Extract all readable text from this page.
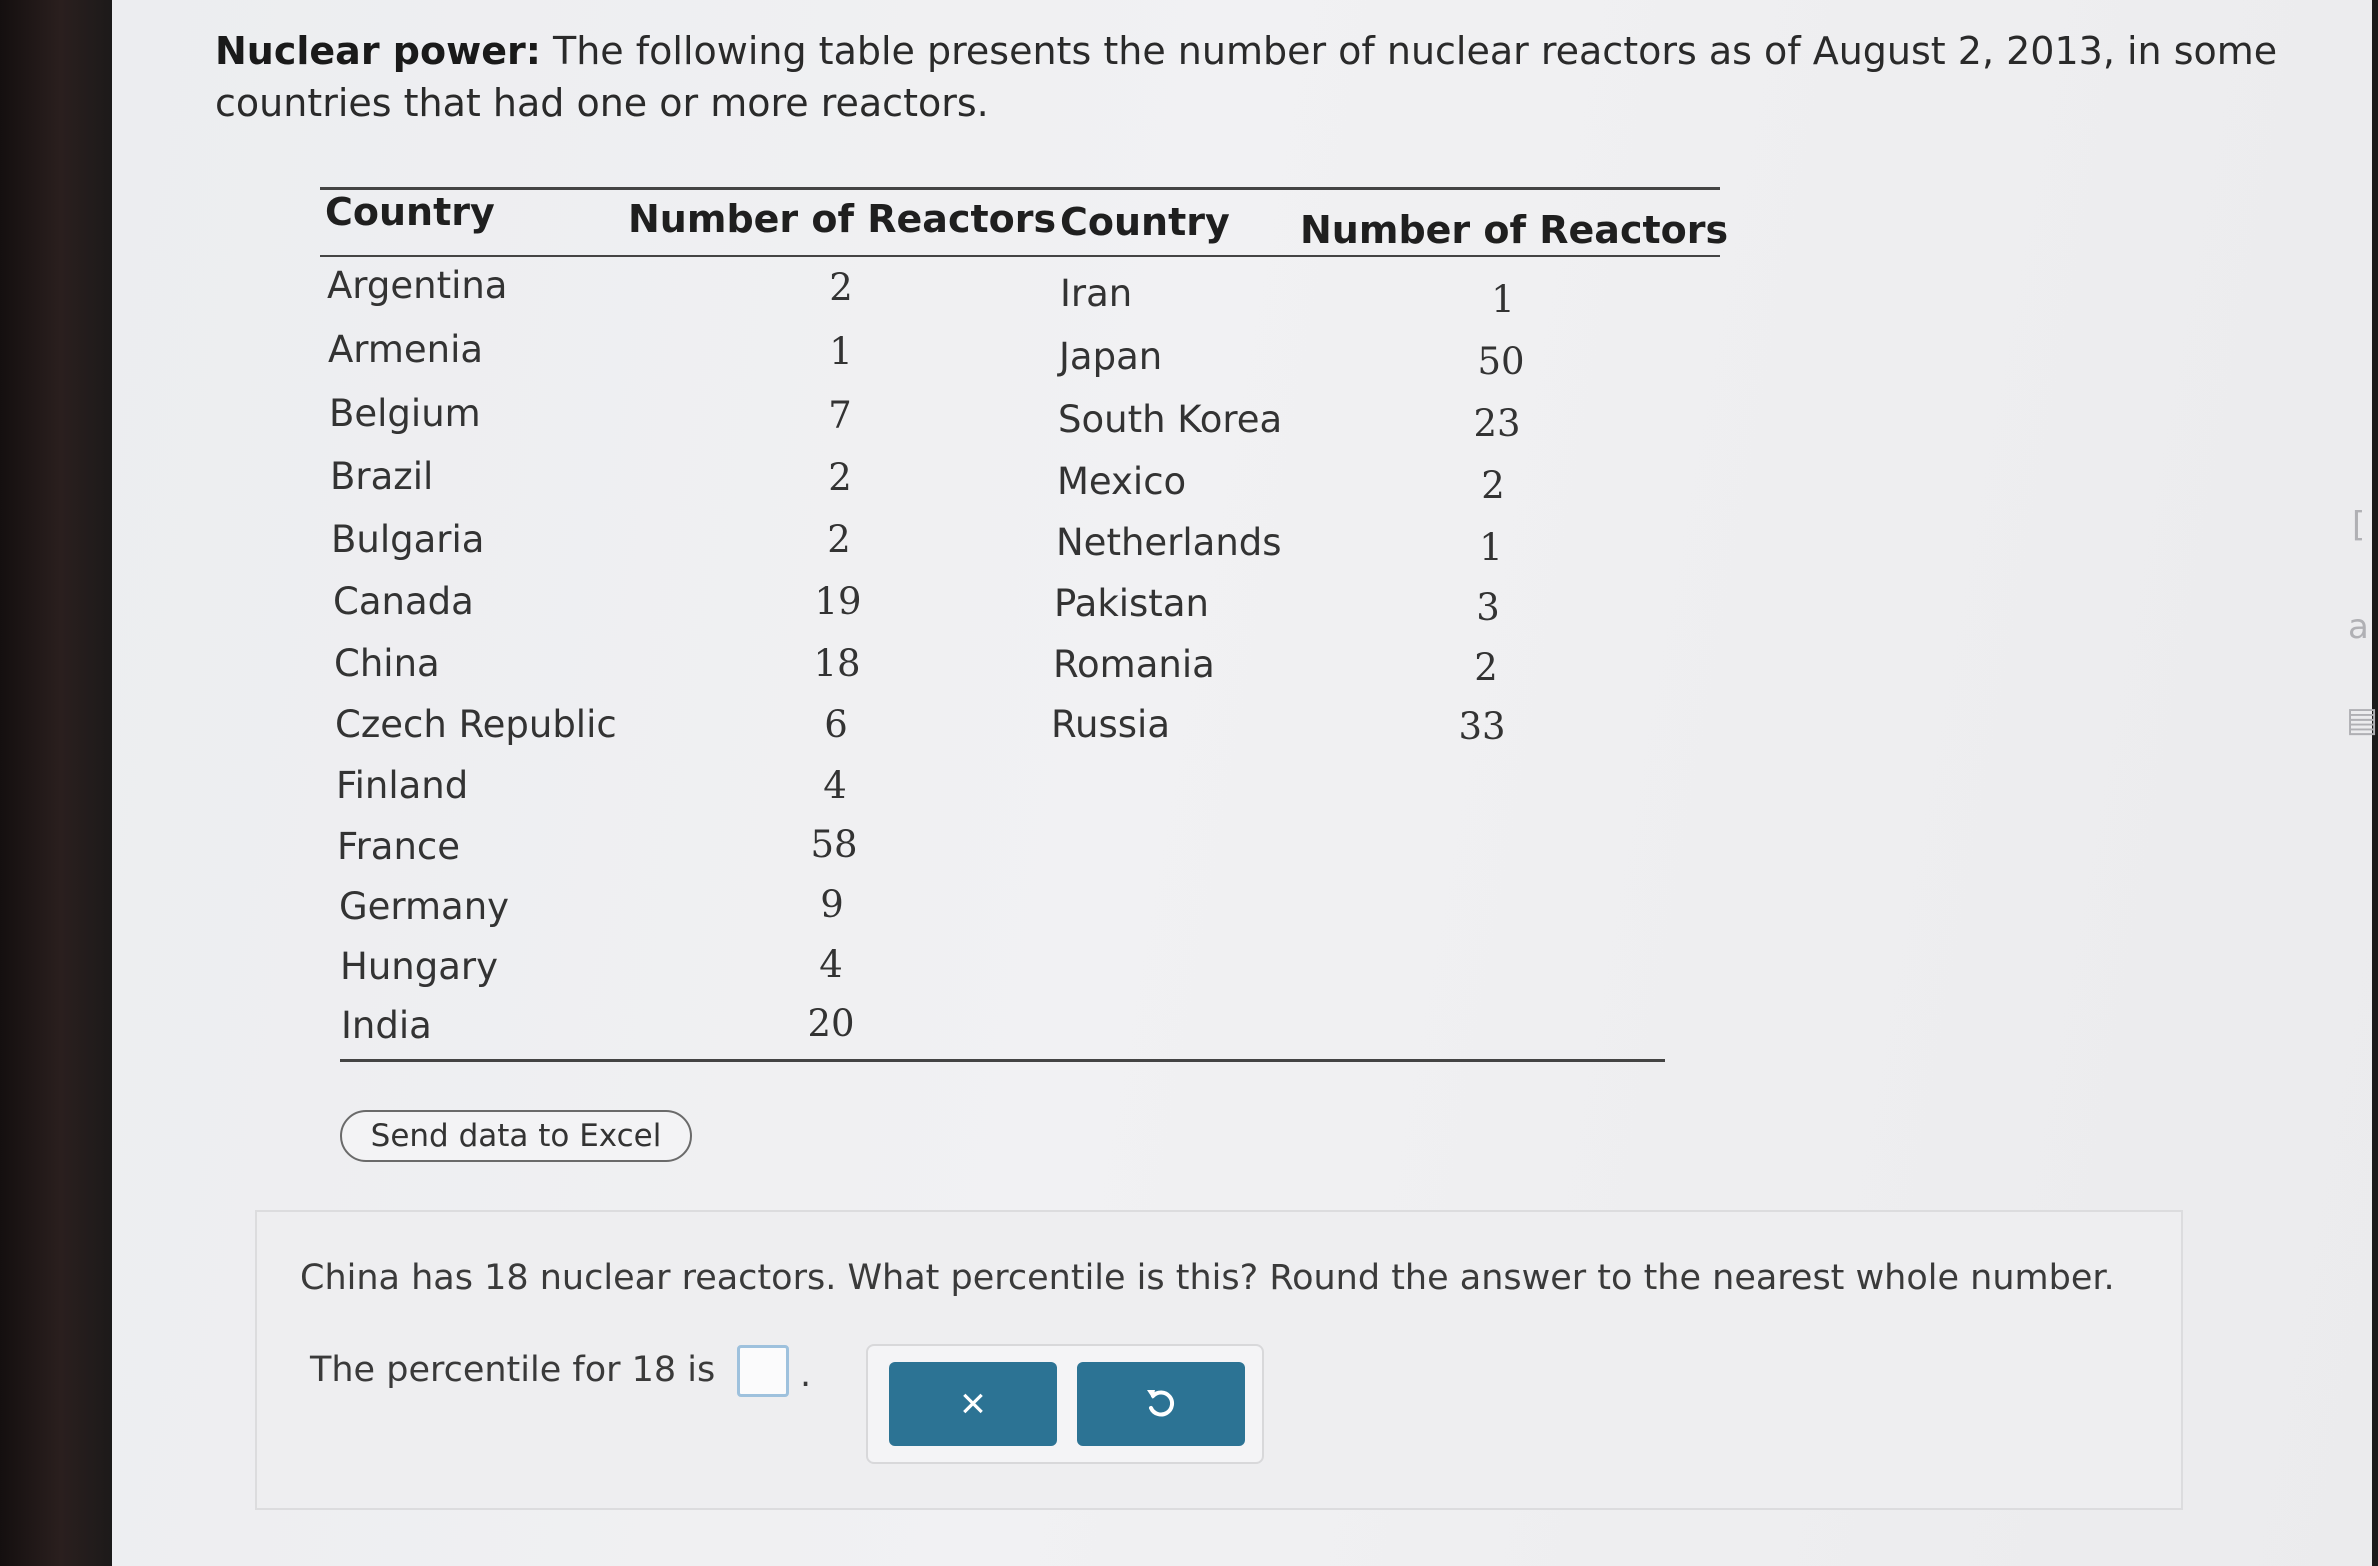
Nuclear power: The following table presents the number of nuclear reactors as of August 2, 2013, in some countries that had one or more reactors.

Country	Number of Reactors Country Number of Reactors
Argentina	2
Armenia	1
Belgium	7
Brazil	2
Bulgaria	2
Canada	19
China	18
Czech Republic	6
Finland	4
France	58
Germany	9
Hungary	4
India	20
Iran	1
Japan	50
South Korea	23
Mexico	2
Netherlands	1
Pakistan	3
Romania	2
Russia	33
Send data to Excel
China has 18 nuclear reactors. What percentile is this? Round the answer to the nearest whole number.
The percentile for 18 is .
×
[
a
▤
